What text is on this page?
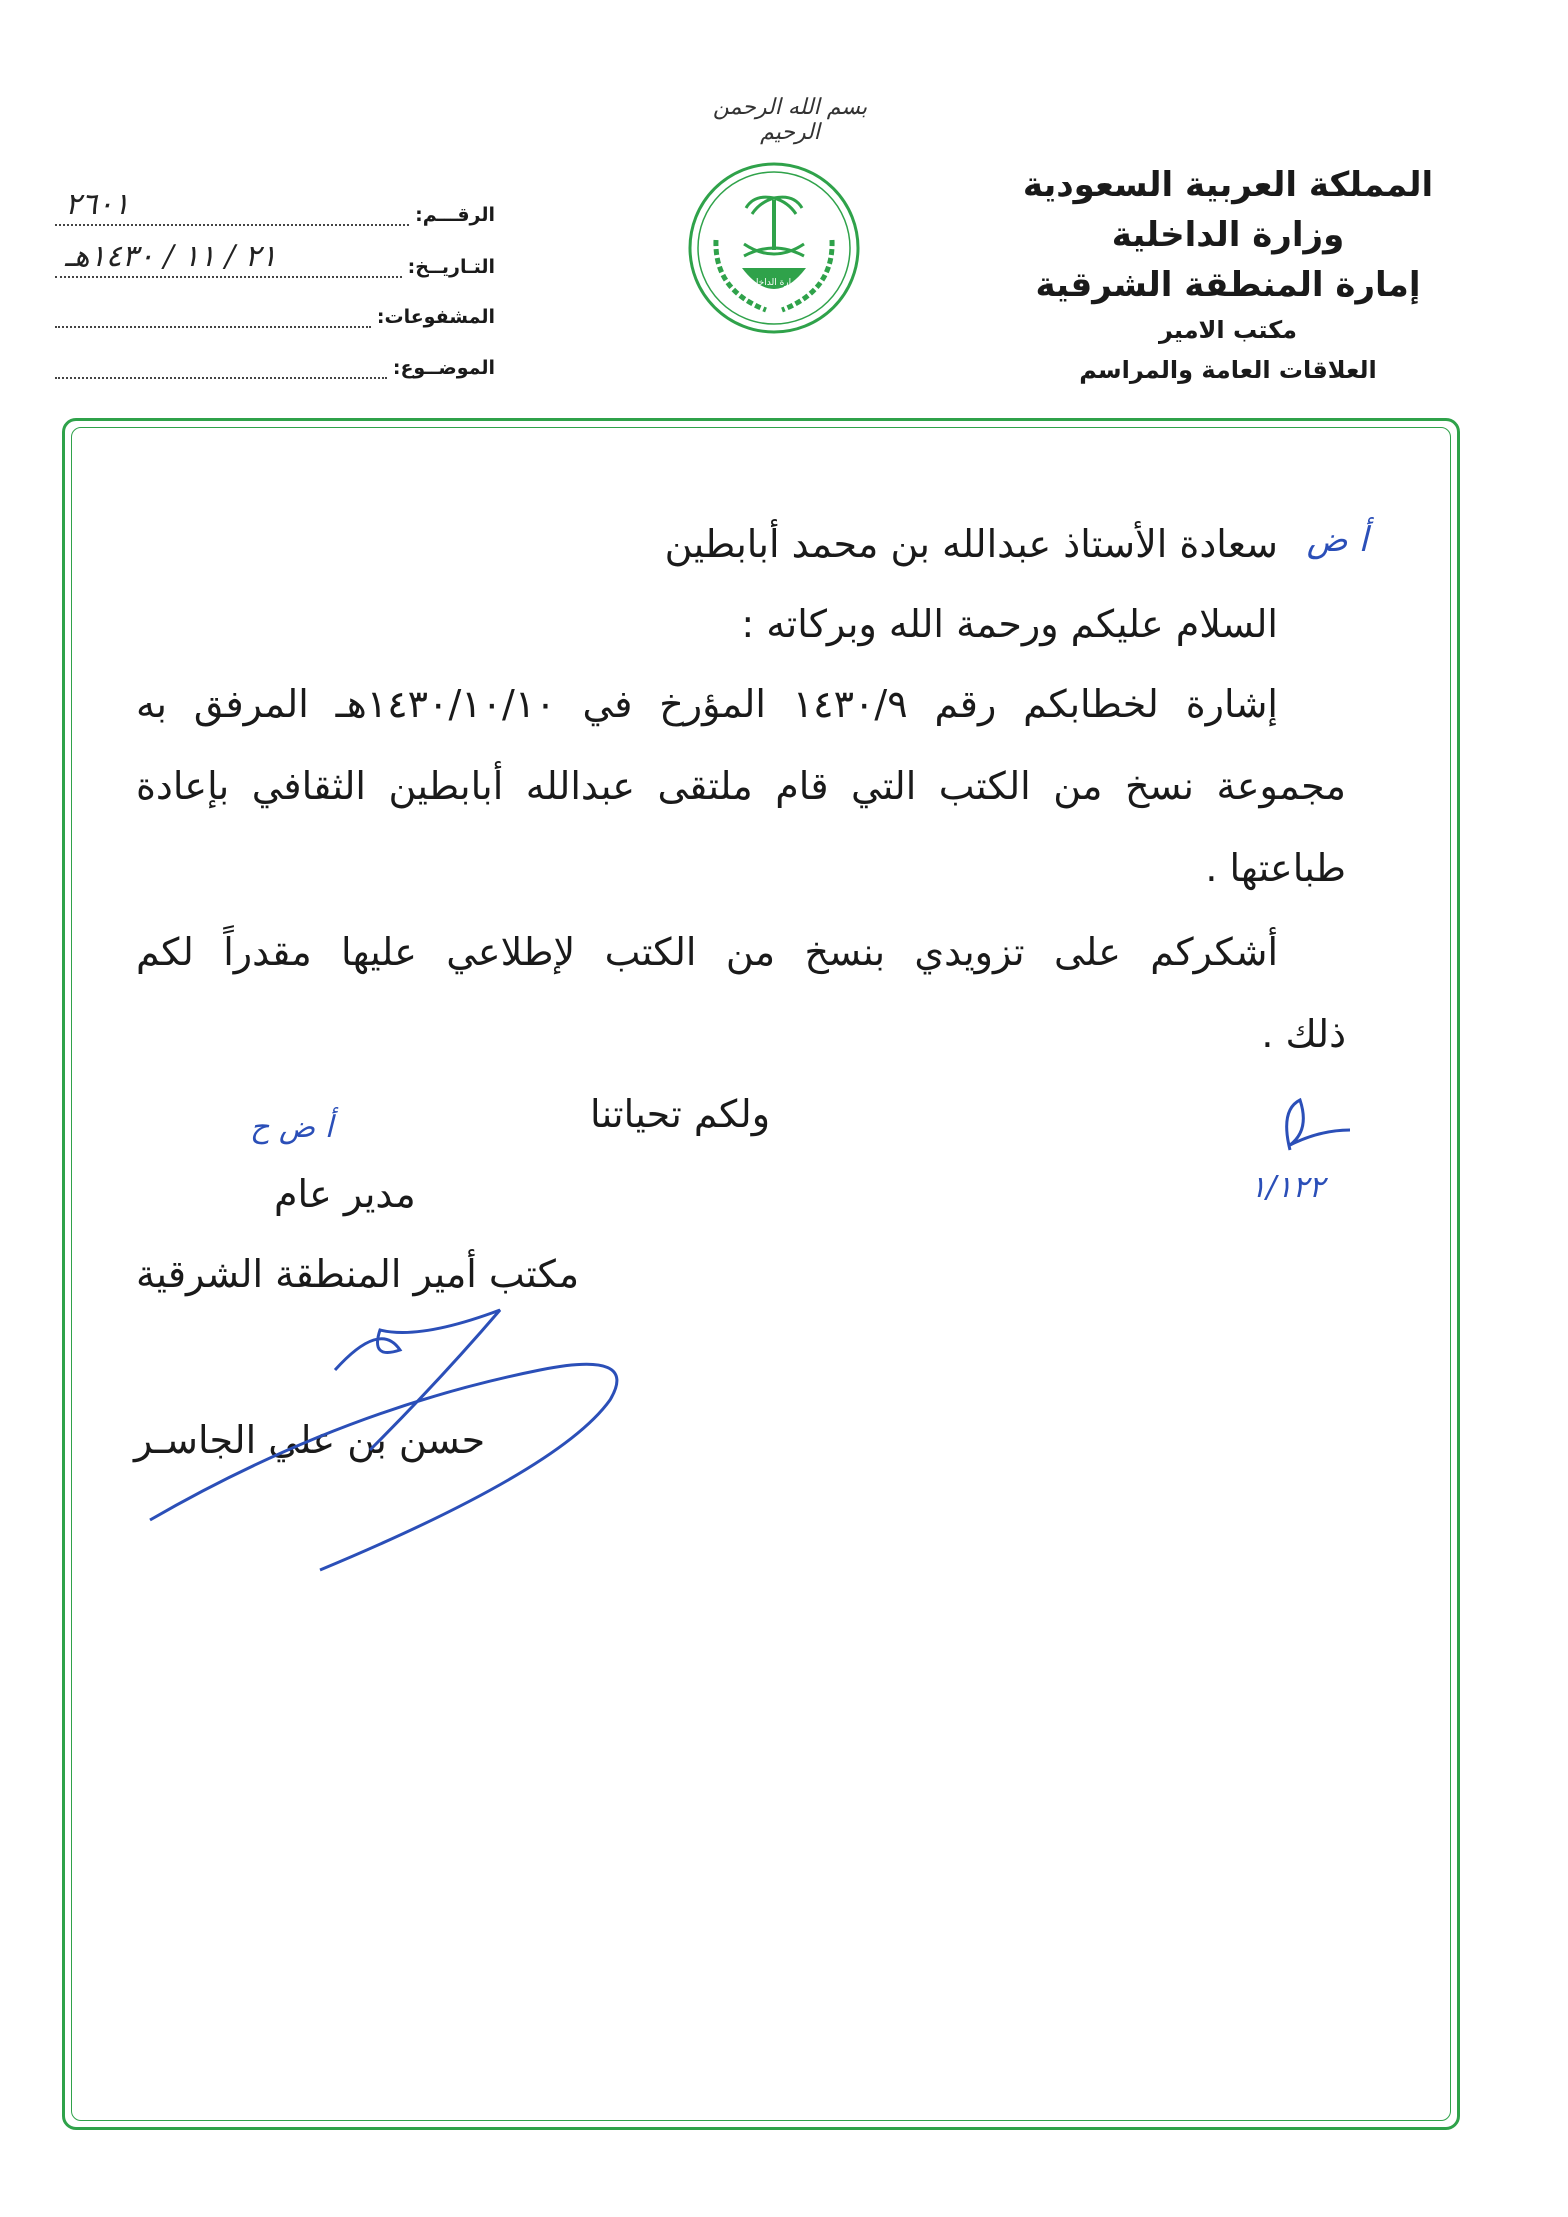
بسم الله الرحمن الرحيم
المملكة العربية السعودية
وزارة الداخلية
إمارة المنطقة الشرقية
مكتب الامير
العلاقات العامة والمراسم
وزارة الداخلية
الرقـــم:
٢٦٠١
التـاريــخ:
٢١ / ١١ / ١٤٣٠هـ
المشفوعات:
الموضــوع:
أ ض
سعادة الأستاذ عبدالله بن محمد أبابطين
السلام عليكم ورحمة الله وبركاته :
إشارة لخطابكم رقم ١٤٣٠/٩ المؤرخ في ١٤٣٠/١٠/١٠هـ المرفق به
مجموعة نسخ من الكتب التي قام ملتقى عبدالله أبابطين الثقافي بإعادة
طباعتها .
أشكركم على تزويدي بنسخ من الكتب لإطلاعي عليها مقدراً لكم
ذلك .
ولكم تحياتنا
مدير عام
مكتب أمير المنطقة الشرقية
حسن بن علي الجاسـر
أ ض ح
١/١٢٢
